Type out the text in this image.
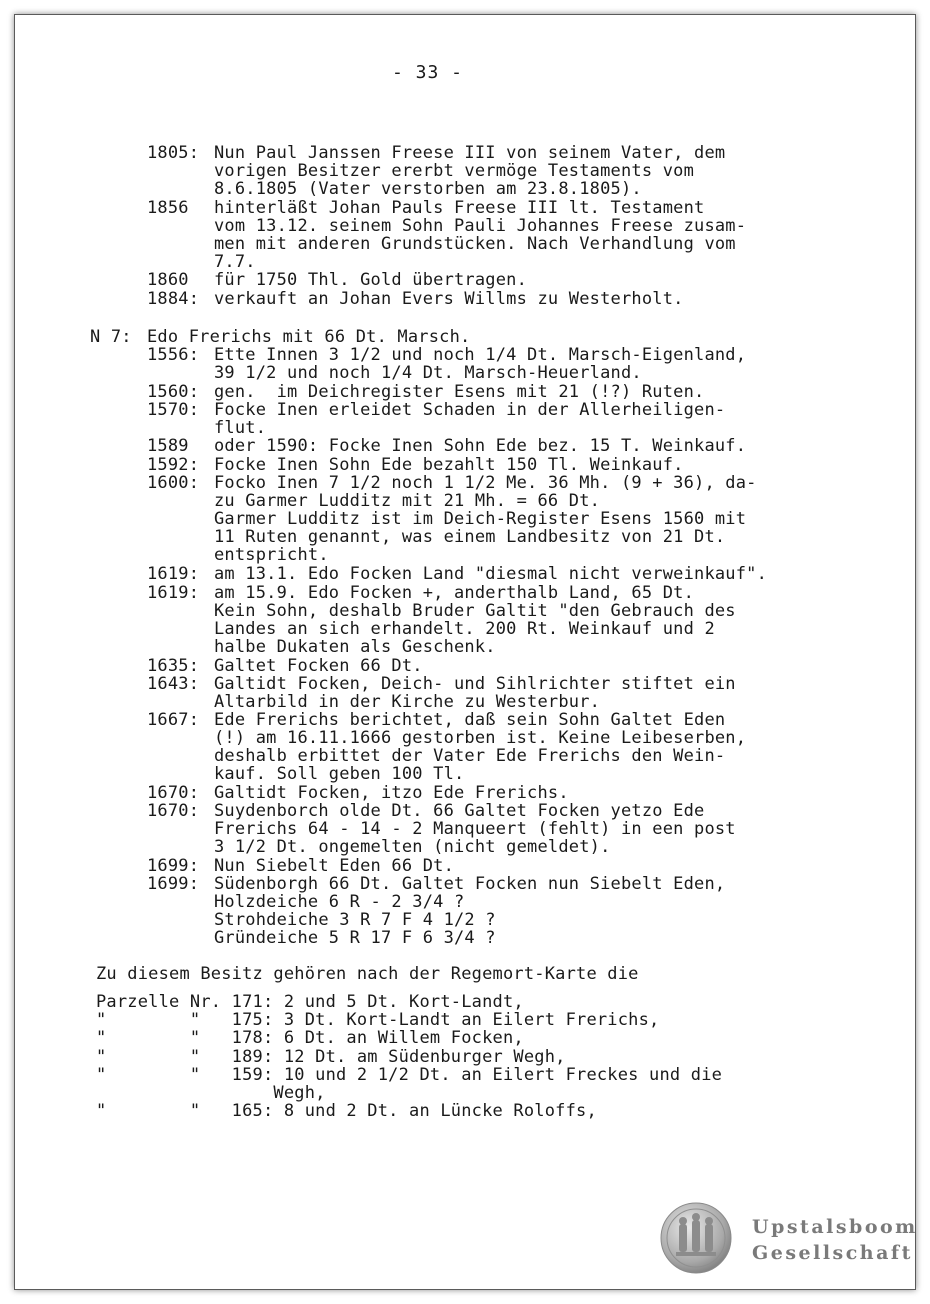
- 33 -
1805: Nun Paul Janssen Freese III von seinem Vater, dem
vorigen Besitzer ererbt vermöge Testaments vom
8.6.1805 (Vater verstorben am 23.8.1805).
1856 hinterläßt Johan Pauls Freese III lt. Testament
vom 13.12. seinem Sohn Pauli Johannes Freese zusam-
men mit anderen Grundstücken. Nach Verhandlung vom
7.7.
1860 für 1750 Thl. Gold übertragen.
1884: verkauft an Johan Evers Willms zu Westerholt.
N 7: Edo Frerichs mit 66 Dt. Marsch.
1556: Ette Innen 3 1/2 und noch 1/4 Dt. Marsch-Eigenland,
39 1/2 und noch 1/4 Dt. Marsch-Heuerland.
1560: gen.  im Deichregister Esens mit 21 (!?) Ruten.
1570: Focke Inen erleidet Schaden in der Allerheiligen-
flut.
1589 oder 1590: Focke Inen Sohn Ede bez. 15 T. Weinkauf.
1592: Focke Inen Sohn Ede bezahlt 150 Tl. Weinkauf.
1600: Focko Inen 7 1/2 noch 1 1/2 Me. 36 Mh. (9 + 36), da-
zu Garmer Ludditz mit 21 Mh. = 66 Dt.
Garmer Ludditz ist im Deich-Register Esens 1560 mit
11 Ruten genannt, was einem Landbesitz von 21 Dt.
entspricht.
1619: am 13.1. Edo Focken Land "diesmal nicht verweinkauf".
1619: am 15.9. Edo Focken +, anderthalb Land, 65 Dt.
Kein Sohn, deshalb Bruder Galtit "den Gebrauch des
Landes an sich erhandelt. 200 Rt. Weinkauf und 2
halbe Dukaten als Geschenk.
1635: Galtet Focken 66 Dt.
1643: Galtidt Focken, Deich- und Sihlrichter stiftet ein
Altarbild in der Kirche zu Westerbur.
1667: Ede Frerichs berichtet, daß sein Sohn Galtet Eden
(!) am 16.11.1666 gestorben ist. Keine Leibeserben,
deshalb erbittet der Vater Ede Frerichs den Wein-
kauf. Soll geben 100 Tl.
1670: Galtidt Focken, itzo Ede Frerichs.
1670: Suydenborch olde Dt. 66 Galtet Focken yetzo Ede
Frerichs 64 - 14 - 2 Manqueert (fehlt) in een post
3 1/2 Dt. ongemelten (nicht gemeldet).
1699: Nun Siebelt Eden 66 Dt.
1699: Südenborgh 66 Dt. Galtet Focken nun Siebelt Eden,
Holzdeiche 6 R - 2 3/4 ?
Strohdeiche 3 R 7 F 4 1/2 ?
Gründeiche 5 R 17 F 6 3/4 ?
Zu diesem Besitz gehören nach der Regemort-Karte die
Parzelle Nr. 171: 2 und 5 Dt. Kort-Landt,
"        "   175: 3 Dt. Kort-Landt an Eilert Frerichs,
"        "   178: 6 Dt. an Willem Focken,
"        "   189: 12 Dt. am Südenburger Wegh,
"        "   159: 10 und 2 1/2 Dt. an Eilert Freckes und die
Wegh,
"        "   165: 8 und 2 Dt. an Lüncke Roloffs,
Upstalsboom
Gesellschaft
